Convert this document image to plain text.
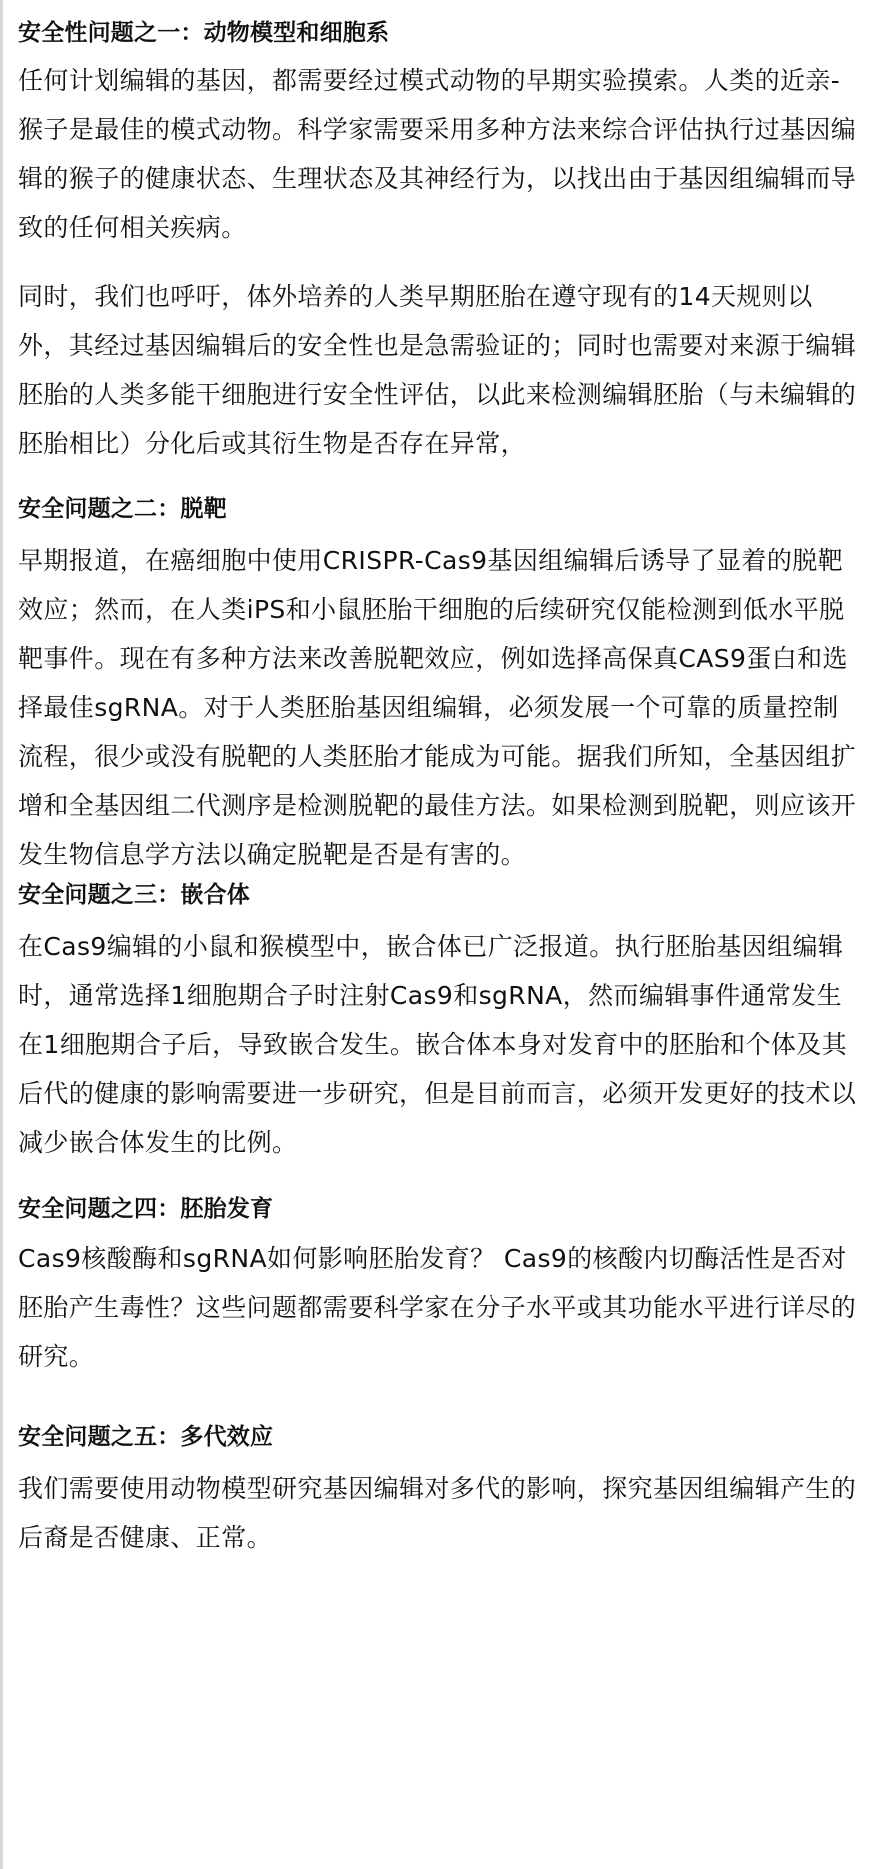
安全性问题之一：动物模型和细胞系

任何计划编辑的基因，都需要经过模式动物的早期实验摸索。人类的近亲-猴子是最佳的模式动物。科学家需要采用多种方法来综合评估执行过基因编辑的猴子的健康状态、生理状态及其神经行为，以找出由于基因组编辑而导致的任何相关疾病。

同时，我们也呼吁，体外培养的人类早期胚胎在遵守现有的14天规则以外，其经过基因编辑后的安全性也是急需验证的；同时也需要对来源于编辑胚胎的人类多能干细胞进行安全性评估，以此来检测编辑胚胎（与未编辑的胚胎相比）分化后或其衍生物是否存在异常，

安全问题之二：脱靶

早期报道，在癌细胞中使用CRISPR-Cas9基因组编辑后诱导了显着的脱靶效应；然而，在人类iPS和小鼠胚胎干细胞的后续研究仅能检测到低水平脱靶事件。现在有多种方法来改善脱靶效应，例如选择高保真CAS9蛋白和选择最佳sgRNA。对于人类胚胎基因组编辑，必须发展一个可靠的质量控制流程，很少或没有脱靶的人类胚胎才能成为可能。据我们所知，全基因组扩增和全基因组二代测序是检测脱靶的最佳方法。如果检测到脱靶，则应该开发生物信息学方法以确定脱靶是否是有害的。

安全问题之三：嵌合体

在Cas9编辑的小鼠和猴模型中，嵌合体已广泛报道。执行胚胎基因组编辑时，通常选择1细胞期合子时注射Cas9和sgRNA，然而编辑事件通常发生在1细胞期合子后，导致嵌合发生。嵌合体本身对发育中的胚胎和个体及其后代的健康的影响需要进一步研究，但是目前而言，必须开发更好的技术以减少嵌合体发生的比例。

安全问题之四：胚胎发育

Cas9核酸酶和sgRNA如何影响胚胎发育？ Cas9的核酸内切酶活性是否对胚胎产生毒性？这些问题都需要科学家在分子水平或其功能水平进行详尽的研究。

安全问题之五：多代效应

我们需要使用动物模型研究基因编辑对多代的影响，探究基因组编辑产生的后裔是否健康、正常。
